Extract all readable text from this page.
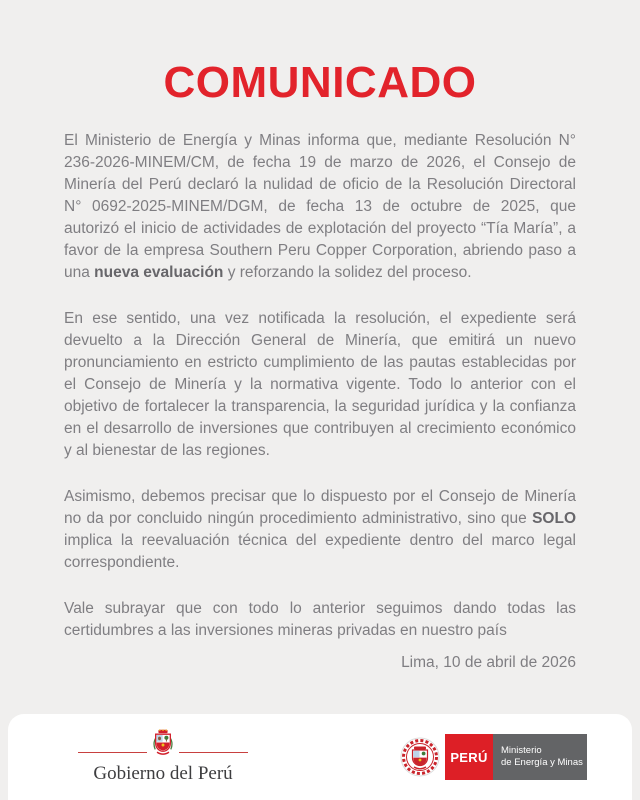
COMUNICADO

El Ministerio de Energía y Minas informa que, mediante Resolución N° 236-2026-MINEM/CM, de fecha 19 de marzo de 2026, el Consejo de Minería del Perú declaró la nulidad de oficio de la Resolución Directoral N° 0692-2025-MINEM/DGM, de fecha 13 de octubre de 2025, que autorizó el inicio de actividades de explotación del proyecto “Tía María”, a favor de la empresa Southern Peru Copper Corporation, abriendo paso a una nueva evaluación y reforzando la solidez del proceso.

En ese sentido, una vez notificada la resolución, el expediente será devuelto a la Dirección General de Minería, que emitirá un nuevo pronunciamiento en estricto cumplimiento de las pautas establecidas por el Consejo de Minería y la normativa vigente. Todo lo anterior con el objetivo de fortalecer la transparencia, la seguridad jurídica y la confianza en el desarrollo de inversiones que contribuyen al crecimiento económico y al bienestar de las regiones.

Asimismo, debemos precisar que lo dispuesto por el Consejo de Minería no da por concluido ningún procedimiento administrativo, sino que SOLO implica la reevaluación técnica del expediente dentro del marco legal correspondiente.

Vale subrayar que con todo lo anterior seguimos dando todas las certidumbres a las inversiones mineras privadas en nuestro país

Lima, 10 de abril de 2026

Gobierno del Perú
PERÚ	Ministerio
de Energía y Minas
